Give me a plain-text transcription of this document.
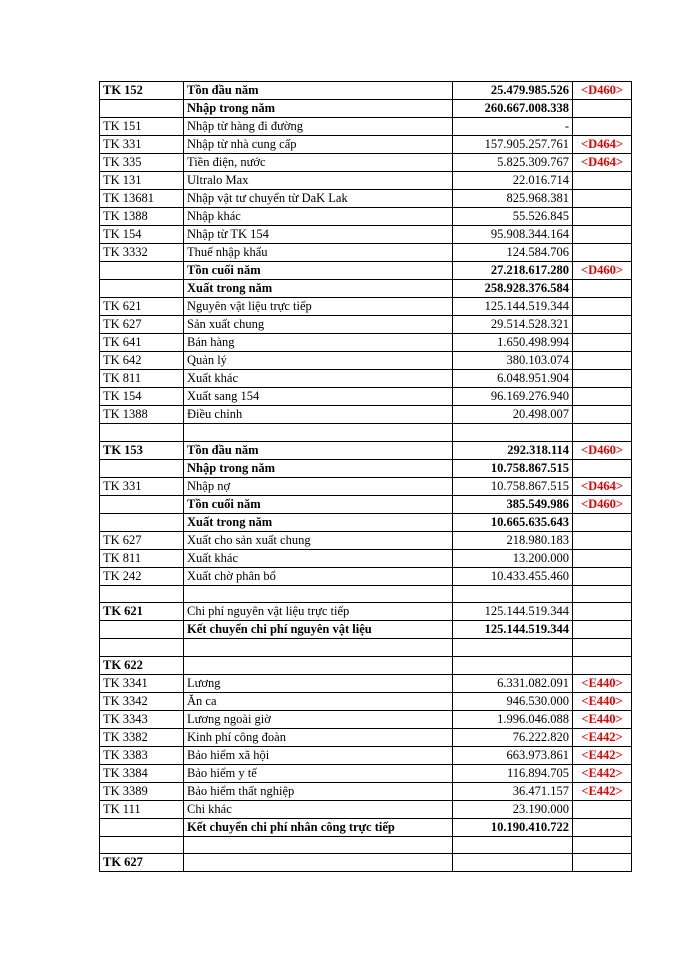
TK 152	Tồn đầu năm	25.479.985.526	<D460>
	Nhập trong năm	260.667.008.338	
TK 151	Nhập từ hàng đi đường	-	
TK 331	Nhập từ nhà cung cấp	157.905.257.761	<D464>
TK 335	Tiền điện, nước	5.825.309.767	<D464>
TK 131	Ultralo Max	22.016.714	
TK 13681	Nhập vật tư chuyển từ DaK Lak	825.968.381	
TK 1388	Nhập khác	55.526.845	
TK 154	Nhập từ TK 154	95.908.344.164	
TK 3332	Thuế nhập khẩu	124.584.706	
	Tồn cuối năm	27.218.617.280	<D460>
	Xuất trong năm	258.928.376.584	
TK 621	Nguyên vật liệu trực tiếp	125.144.519.344	
TK 627	Sản xuất chung	29.514.528.321	
TK 641	Bán hàng	1.650.498.994	
TK 642	Quản lý	380.103.074	
TK 811	Xuất khác	6.048.951.904	
TK 154	Xuất sang 154	96.169.276.940	
TK 1388	Điều chỉnh	20.498.007	

TK 153	Tồn đầu năm	292.318.114	<D460>
	Nhập trong năm	10.758.867.515	
TK 331	Nhập nợ	10.758.867.515	<D464>
	Tồn cuối năm	385.549.986	<D460>
	Xuất trong năm	10.665.635.643	
TK 627	Xuất cho sản xuất chung	218.980.183	
TK 811	Xuất khác	13.200.000	
TK 242	Xuất chờ phân bổ	10.433.455.460	

TK 621	Chi phí nguyên vật liệu trực tiếp	125.144.519.344	
	Kết chuyển chi phí nguyên vật liệu	125.144.519.344	

TK 622			
TK 3341	Lương	6.331.082.091	<E440>
TK 3342	Ăn ca	946.530.000	<E440>
TK 3343	Lương ngoài giờ	1.996.046.088	<E440>
TK 3382	Kinh phí công đoàn	76.222.820	<E442>
TK 3383	Bảo hiểm xã hội	663.973.861	<E442>
TK 3384	Bảo hiểm y tế	116.894.705	<E442>
TK 3389	Bảo hiểm thất nghiệp	36.471.157	<E442>
TK 111	Chi khác	23.190.000	
	Kết chuyển chi phí nhân công trực tiếp	10.190.410.722	

TK 627			
